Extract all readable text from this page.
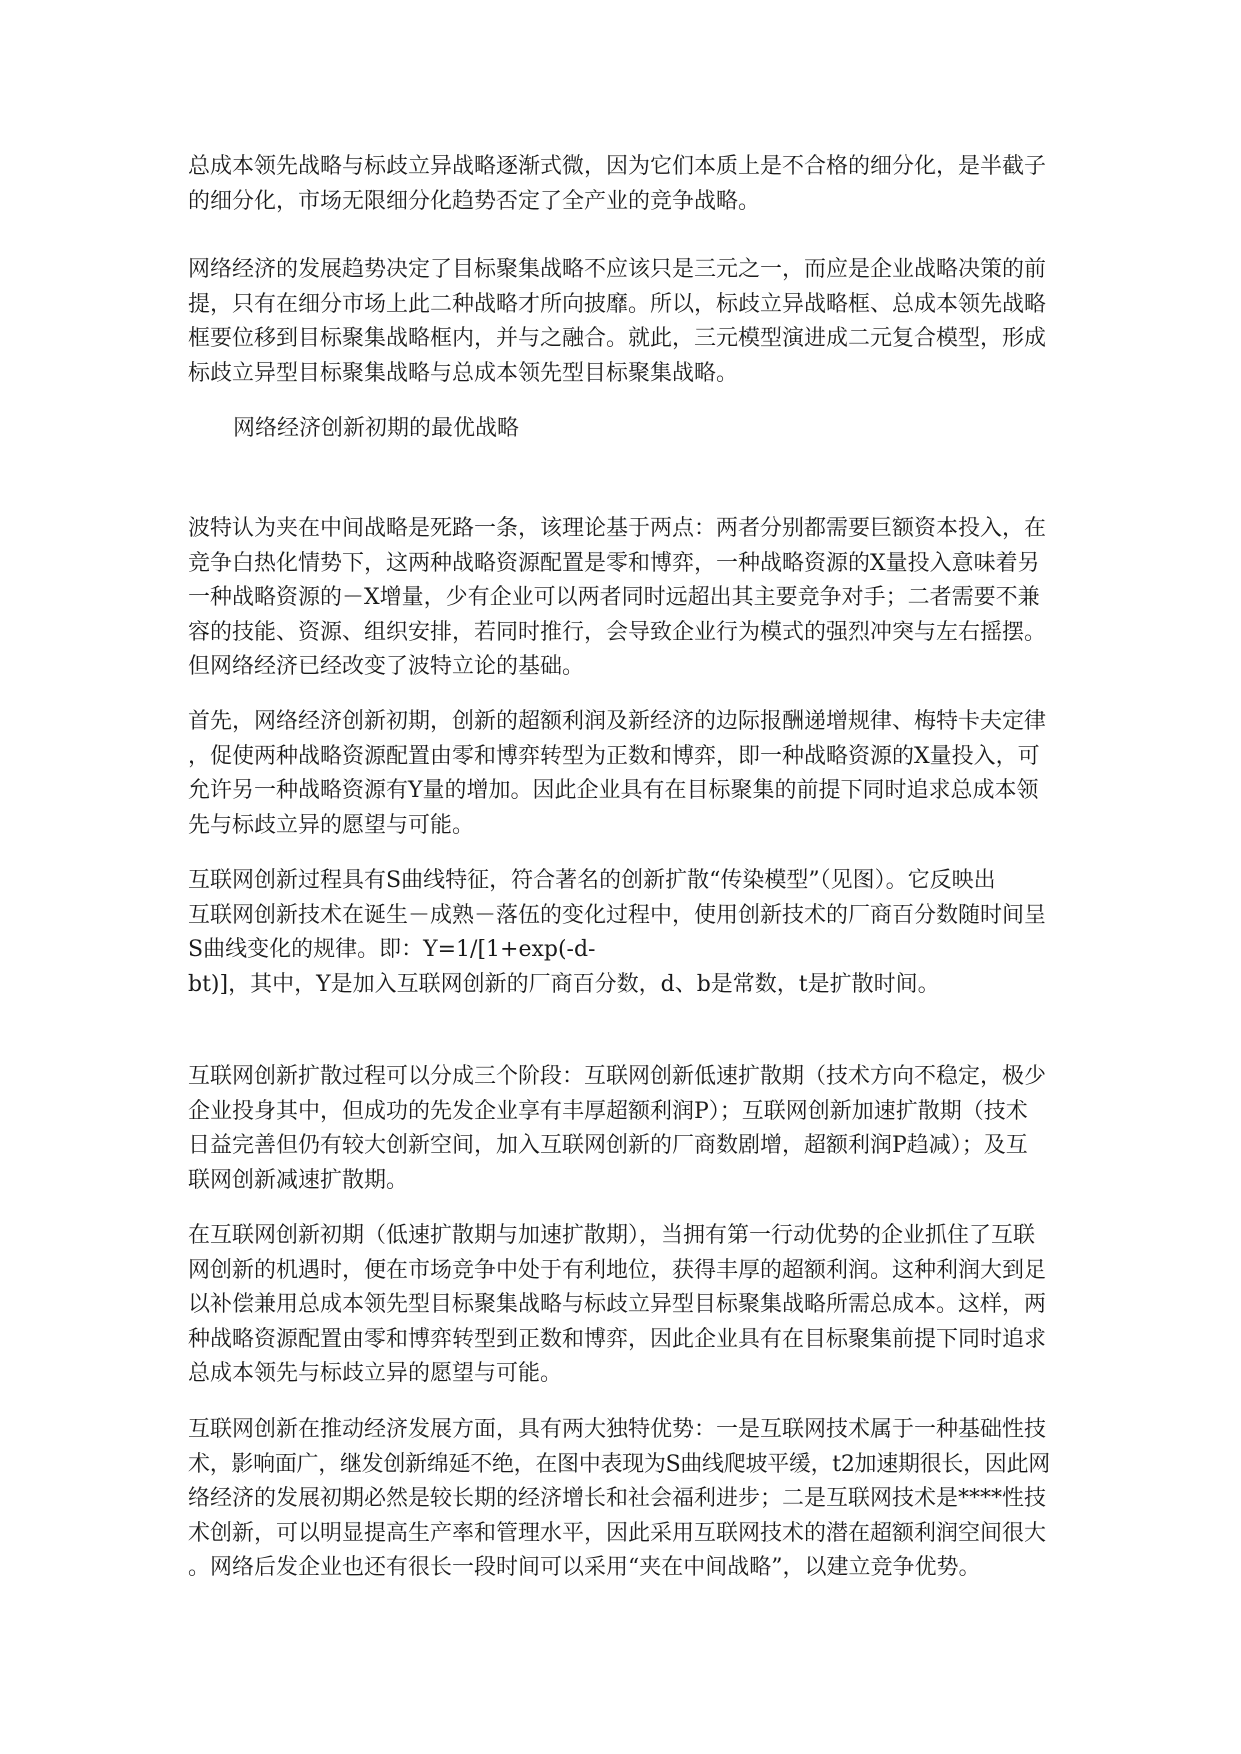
总成本领先战略与标歧立异战略逐渐式微，因为它们本质上是不合格的细分化，是半截子
的细分化，市场无限细分化趋势否定了全产业的竞争战略。
网络经济的发展趋势决定了目标聚集战略不应该只是三元之一，而应是企业战略决策的前
提，只有在细分市场上此二种战略才所向披靡。所以，标歧立异战略框、总成本领先战略
框要位移到目标聚集战略框内，并与之融合。就此，三元模型演进成二元复合模型，形成
标歧立异型目标聚集战略与总成本领先型目标聚集战略。
网络经济创新初期的最优战略
波特认为夹在中间战略是死路一条，该理论基于两点：两者分别都需要巨额资本投入，在
竞争白热化情势下，这两种战略资源配置是零和博弈，一种战略资源的X量投入意味着另
一种战略资源的－X增量，少有企业可以两者同时远超出其主要竞争对手；二者需要不兼
容的技能、资源、组织安排，若同时推行，会导致企业行为模式的强烈冲突与左右摇摆。
但网络经济已经改变了波特立论的基础。
首先，网络经济创新初期，创新的超额利润及新经济的边际报酬递增规律、梅特卡夫定律
，促使两种战略资源配置由零和博弈转型为正数和博弈，即一种战略资源的X量投入，可
允许另一种战略资源有Y量的增加。因此企业具有在目标聚集的前提下同时追求总成本领
先与标歧立异的愿望与可能。
互联网创新过程具有S曲线特征，符合著名的创新扩散“传染模型”（见图）。它反映出
互联网创新技术在诞生－成熟－落伍的变化过程中，使用创新技术的厂商百分数随时间呈
S曲线变化的规律。即：Y=1/[1+exp(-d-
bt)]，其中，Y是加入互联网创新的厂商百分数，d、b是常数，t是扩散时间。
互联网创新扩散过程可以分成三个阶段：互联网创新低速扩散期（技术方向不稳定，极少
企业投身其中，但成功的先发企业享有丰厚超额利润P）；互联网创新加速扩散期（技术
日益完善但仍有较大创新空间，加入互联网创新的厂商数剧增，超额利润P趋减）；及互
联网创新减速扩散期。
在互联网创新初期（低速扩散期与加速扩散期），当拥有第一行动优势的企业抓住了互联
网创新的机遇时，便在市场竞争中处于有利地位，获得丰厚的超额利润。这种利润大到足
以补偿兼用总成本领先型目标聚集战略与标歧立异型目标聚集战略所需总成本。这样，两
种战略资源配置由零和博弈转型到正数和博弈，因此企业具有在目标聚集前提下同时追求
总成本领先与标歧立异的愿望与可能。
互联网创新在推动经济发展方面，具有两大独特优势：一是互联网技术属于一种基础性技
术，影响面广，继发创新绵延不绝，在图中表现为S曲线爬坡平缓，t2加速期很长，因此网
络经济的发展初期必然是较长期的经济增长和社会福利进步；二是互联网技术是****性技
术创新，可以明显提高生产率和管理水平，因此采用互联网技术的潜在超额利润空间很大
。网络后发企业也还有很长一段时间可以采用“夹在中间战略”，以建立竞争优势。
